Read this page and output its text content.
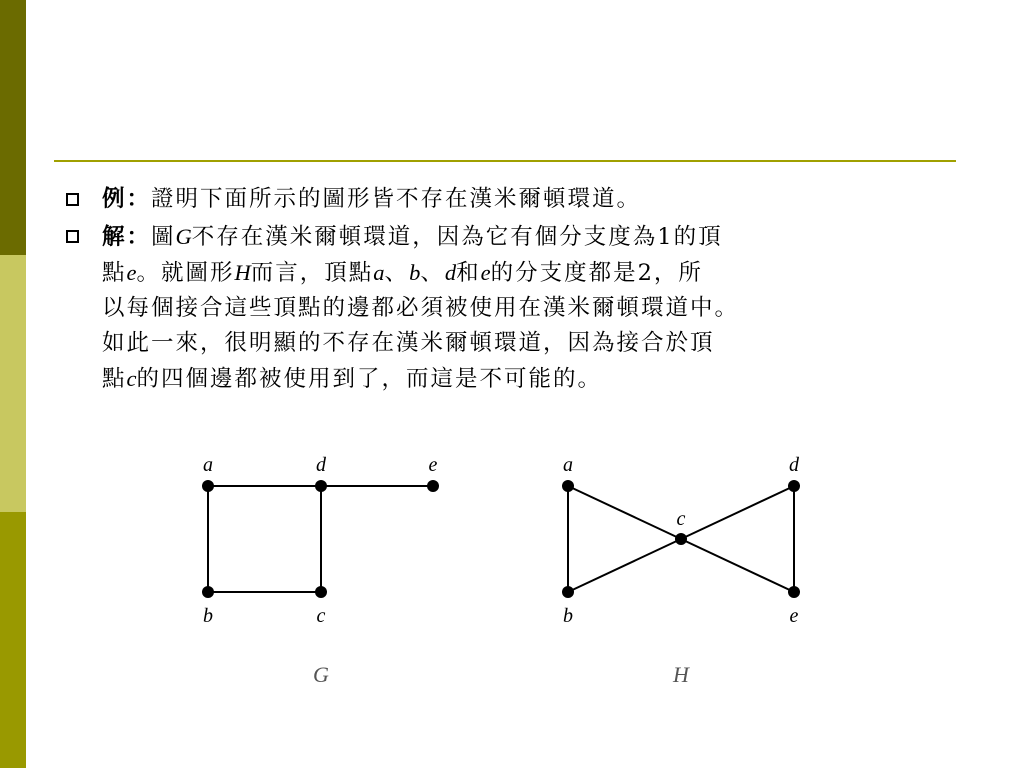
例：證明下面所示的圖形皆不存在漢米爾頓環道。
解：圖G不存在漢米爾頓環道，因為它有個分支度為1的頂
點e。就圖形H而言，頂點a、b、d和e的分支度都是2，所
以每個接合這些頂點的邊都必須被使用在漢米爾頓環道中。
如此一來，很明顯的不存在漢米爾頓環道，因為接合於頂
點c的四個邊都被使用到了，而這是不可能的。
a	d	e
b	c
G
a	d
c
b	e
H
